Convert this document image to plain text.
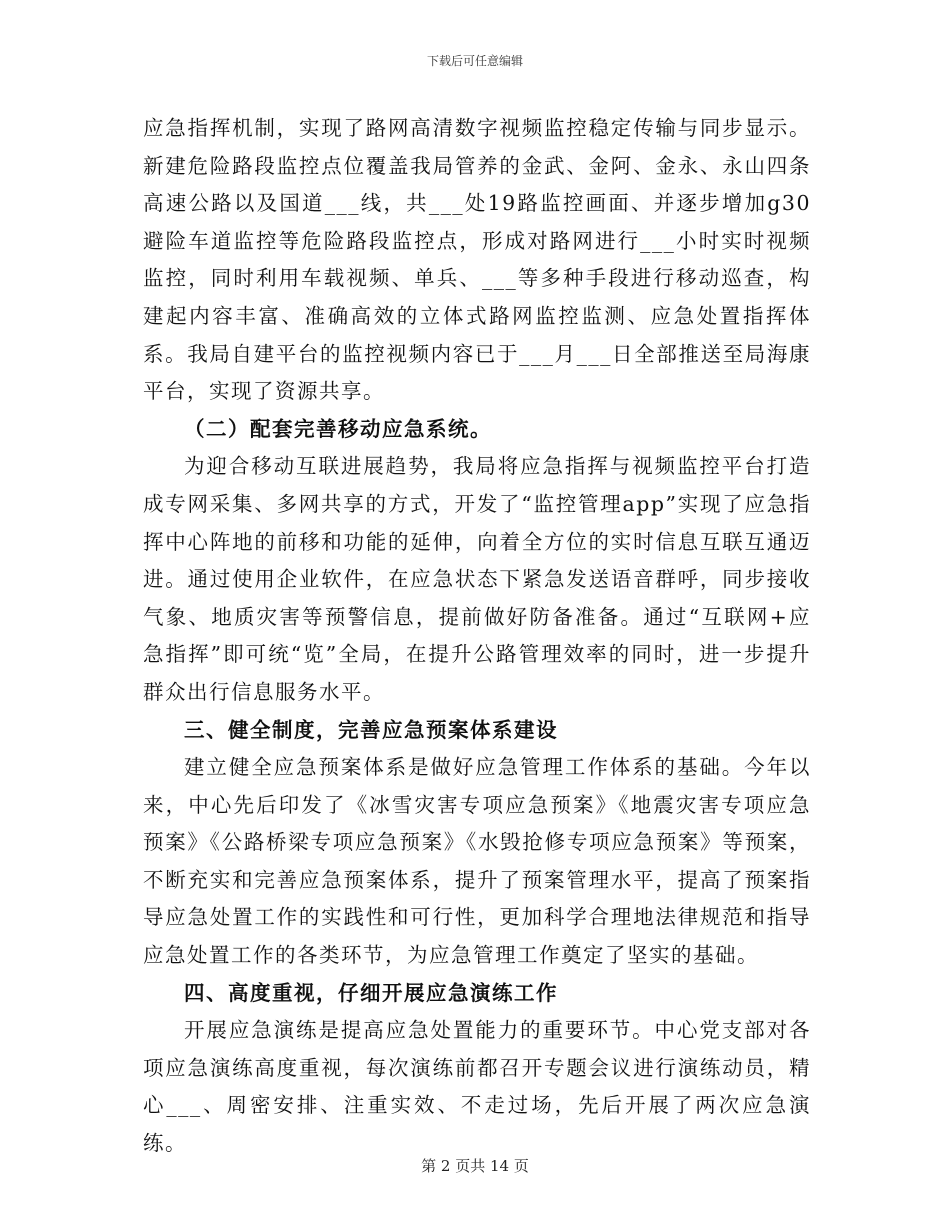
下载后可任意编辑

应急指挥机制，实现了路网高清数字视频监控稳定传输与同步显示。新建危险路段监控点位覆盖我局管养的金武、金阿、金永、永山四条高速公路以及国道___线，共___处19路监控画面、并逐步增加g30避险车道监控等危险路段监控点，形成对路网进行___小时实时视频监控，同时利用车载视频、单兵、___等多种手段进行移动巡查，构建起内容丰富、准确高效的立体式路网监控监测、应急处置指挥体系。我局自建平台的监控视频内容已于___月___日全部推送至局海康平台，实现了资源共享。

（二）配套完善移动应急系统。

为迎合移动互联进展趋势，我局将应急指挥与视频监控平台打造成专网采集、多网共享的方式，开发了“监控管理app”实现了应急指挥中心阵地的前移和功能的延伸，向着全方位的实时信息互联互通迈进。通过使用企业软件，在应急状态下紧急发送语音群呼，同步接收气象、地质灾害等预警信息，提前做好防备准备。通过“互联网+应急指挥”即可统“览”全局，在提升公路管理效率的同时，进一步提升群众出行信息服务水平。

三、健全制度，完善应急预案体系建设

建立健全应急预案体系是做好应急管理工作体系的基础。今年以来，中心先后印发了《冰雪灾害专项应急预案》《地震灾害专项应急预案》《公路桥梁专项应急预案》《水毁抢修专项应急预案》等预案，不断充实和完善应急预案体系，提升了预案管理水平，提高了预案指导应急处置工作的实践性和可行性，更加科学合理地法律规范和指导应急处置工作的各类环节，为应急管理工作奠定了坚实的基础。

四、高度重视，仔细开展应急演练工作

开展应急演练是提高应急处置能力的重要环节。中心党支部对各项应急演练高度重视，每次演练前都召开专题会议进行演练动员，精心___、周密安排、注重实效、不走过场，先后开展了两次应急演练。

第 2 页共 14 页
